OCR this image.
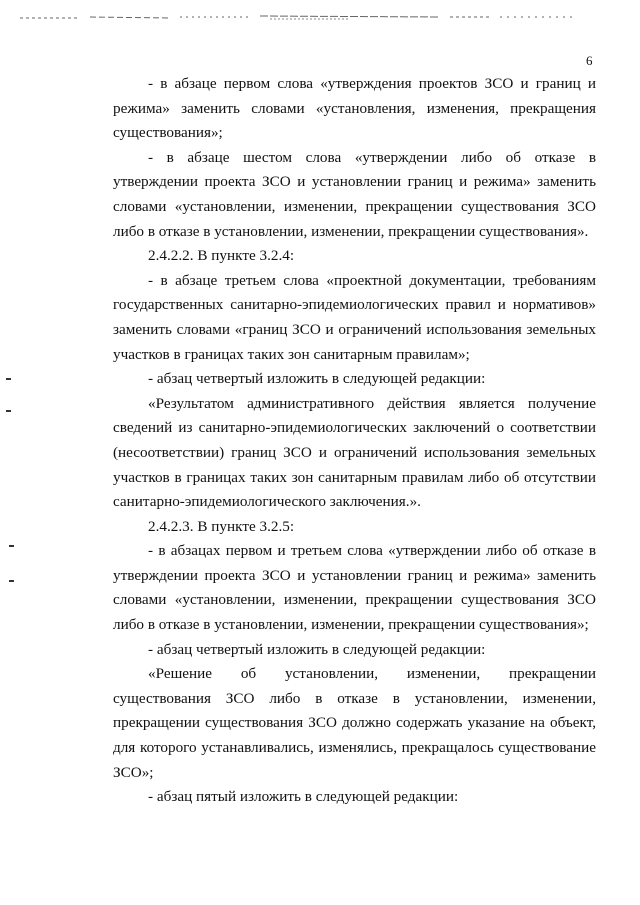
6

- в абзаце первом слова «утверждения проектов ЗСО и границ и режима» заменить словами «установления, изменения, прекращения существования»;

- в абзаце шестом слова «утверждении либо об отказе в утверждении проекта ЗСО и установлении границ и режима» заменить словами «установлении, изменении, прекращении существования ЗСО либо в отказе в установлении, изменении, прекращении существования».

2.4.2.2. В пункте 3.2.4:

- в абзаце третьем слова «проектной документации, требованиям государственных санитарно-эпидемиологических правил и нормативов» заменить словами «границ ЗСО и ограничений использования земельных участков в границах таких зон санитарным правилам»;

- абзац четвертый изложить в следующей редакции:

«Результатом административного действия является получение сведений из санитарно-эпидемиологических заключений о соответствии (несоответствии) границ ЗСО и ограничений использования земельных участков в границах таких зон санитарным правилам либо об отсутствии санитарно-эпидемиологического заключения.».

2.4.2.3. В пункте 3.2.5:

- в абзацах первом и третьем слова «утверждении либо об отказе в утверждении проекта ЗСО и установлении границ и режима» заменить словами «установлении, изменении, прекращении существования ЗСО либо в отказе в установлении, изменении, прекращении существования»;

- абзац четвертый изложить в следующей редакции:

«Решение об установлении, изменении, прекращении существования ЗСО либо в отказе в установлении, изменении, прекращении существования ЗСО должно содержать указание на объект, для которого устанавливались, изменялись, прекращалось существование ЗСО»;

- абзац пятый изложить в следующей редакции:
